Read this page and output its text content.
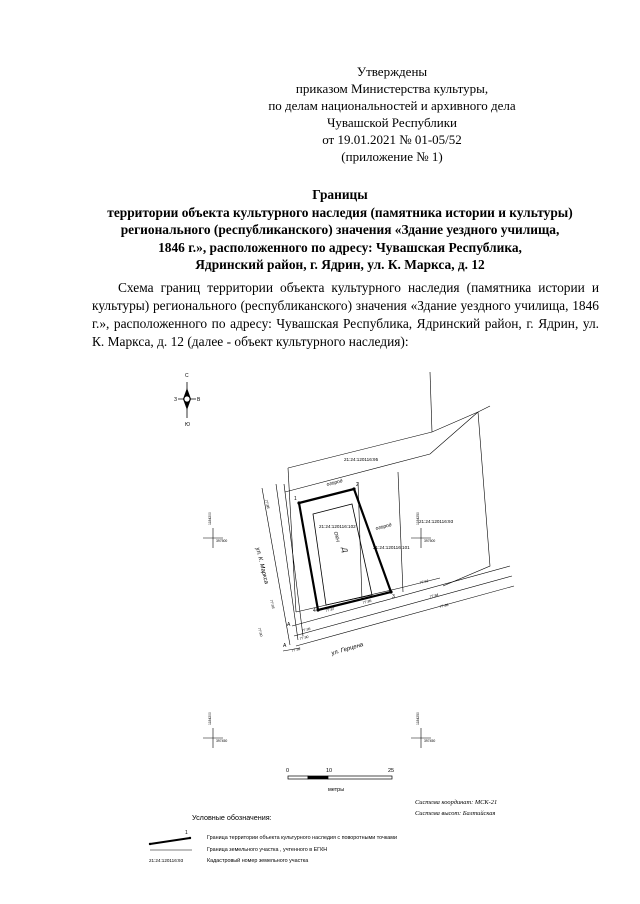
Утверждены
приказом Министерства культуры,
по делам национальностей и архивного дела
Чувашской Республики
от 19.01.2021 № 01-05/52
(приложение № 1)
Границы
территории объекта культурного наследия (памятника истории и культуры)
регионального (республиканского) значения «Здание уездного училища,
1846 г.», расположенного по адресу: Чувашская Республика,
Ядринский район, г. Ядрин, ул. К. Маркса, д. 12
Схема границ территории объекта культурного наследия (памятника истории и культуры) регионального (республиканского) значения «Здание уездного училища, 1846 г.», расположенного по адресу: Чувашская Республика, Ядринский район, г. Ядрин, ул. К. Маркса, д. 12 (далее - объект культурного наследия):
С
Ю
З	В
1
2
3
4
А
А
21:24:120116:95
21:24:120116:102
21:24:120116:93
21:24:120116:101
огород
огород
Д
ОКН
ул. К. Маркса
ул. Герцена
77.88
77.93
77.90
77.91
77.84
77.86
77.87
77.85
77.90
77.92
77.95
1184200
397500
1184250
397500
1184200
397450
1184250
397450
0	10	25
метры
Система координат: МСК-21
Система высот: Балтийская
Условные обозначения:
1
Граница территории объекта культурного наследия с поворотными точками
Граница земельного участка , учтенного в ЕГКН
21:24:120116:93	Кадастровый номер земельного участка
